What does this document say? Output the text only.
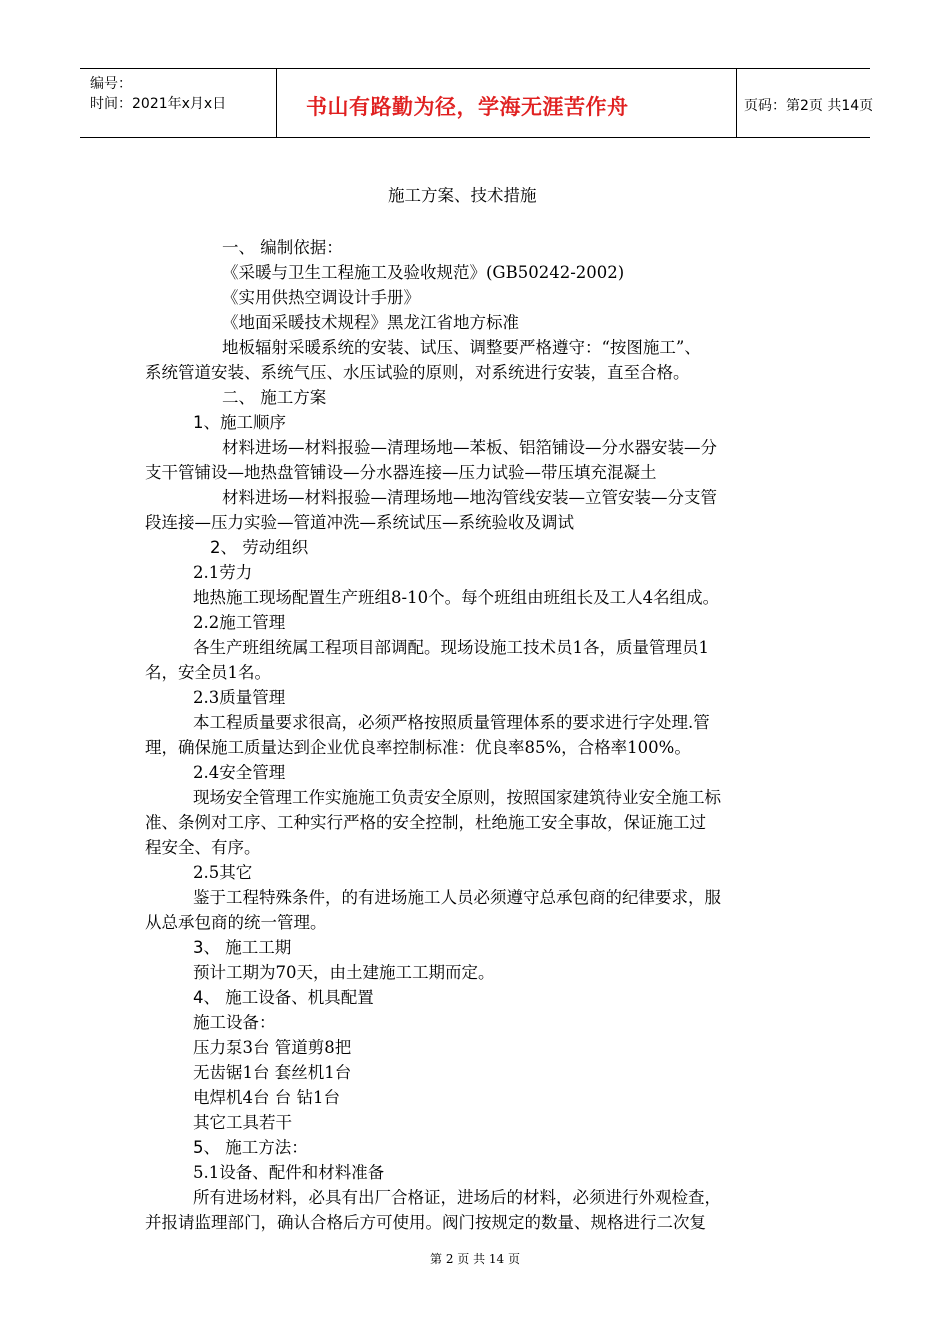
编号：
时间：2021年x月x日	书山有路勤为径，学海无涯苦作舟	页码：第2页 共14页
施工方案、技术措施
一、 编制依据：
《采暖与卫生工程施工及验收规范》(GB50242-2002)
《实用供热空调设计手册》
《地面采暖技术规程》黑龙江省地方标准
地板辐射采暖系统的安装、试压、调整要严格遵守：“按图施工”、
系统管道安装、系统气压、水压试验的原则，对系统进行安装，直至合格。
二、 施工方案
1、施工顺序
材料进场—材料报验—清理场地—苯板、铝箔铺设—分水器安装—分
支干管铺设—地热盘管铺设—分水器连接—压力试验—带压填充混凝土
材料进场—材料报验—清理场地—地沟管线安装—立管安装—分支管
段连接—压力实验—管道冲洗—系统试压—系统验收及调试
2、 劳动组织
2.1劳力
地热施工现场配置生产班组8-10个。每个班组由班组长及工人4名组成。
2.2施工管理
各生产班组统属工程项目部调配。现场设施工技术员1各，质量管理员1
名，安全员1名。
2.3质量管理
本工程质量要求很高，必须严格按照质量管理体系的要求进行字处理.管
理，确保施工质量达到企业优良率控制标准：优良率85%，合格率100%。
2.4安全管理
现场安全管理工作实施施工负责安全原则，按照国家建筑待业安全施工标
准、条例对工序、工种实行严格的安全控制，杜绝施工安全事故，保证施工过
程安全、有序。
2.5其它
鉴于工程特殊条件，的有进场施工人员必须遵守总承包商的纪律要求，服
从总承包商的统一管理。
3、 施工工期
预计工期为70天，由土建施工工期而定。
4、 施工设备、机具配置
施工设备：
压力泵3台 管道剪8把
无齿锯1台 套丝机1台
电焊机4台 台 钻1台
其它工具若干
5、 施工方法：
5.1设备、配件和材料准备
所有进场材料，必具有出厂合格证，进场后的材料，必须进行外观检查，
并报请监理部门，确认合格后方可使用。阀门按规定的数量、规格进行二次复
第 2 页 共 14 页
